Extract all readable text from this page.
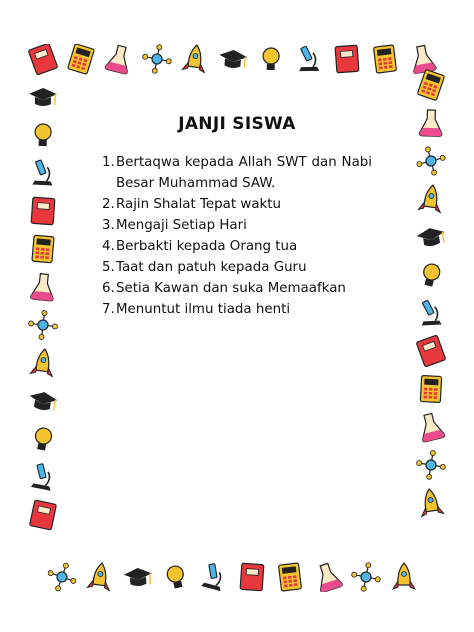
JANJI SISWA
1. Bertaqwa kepada Allah SWT dan Nabi Besar Muhammad SAW.
2. Rajin Shalat Tepat waktu
3. Mengaji Setiap Hari
4. Berbakti kepada Orang tua
5. Taat dan patuh kepada Guru
6. Setia Kawan dan suka Memaafkan
7. Menuntut ilmu tiada henti
